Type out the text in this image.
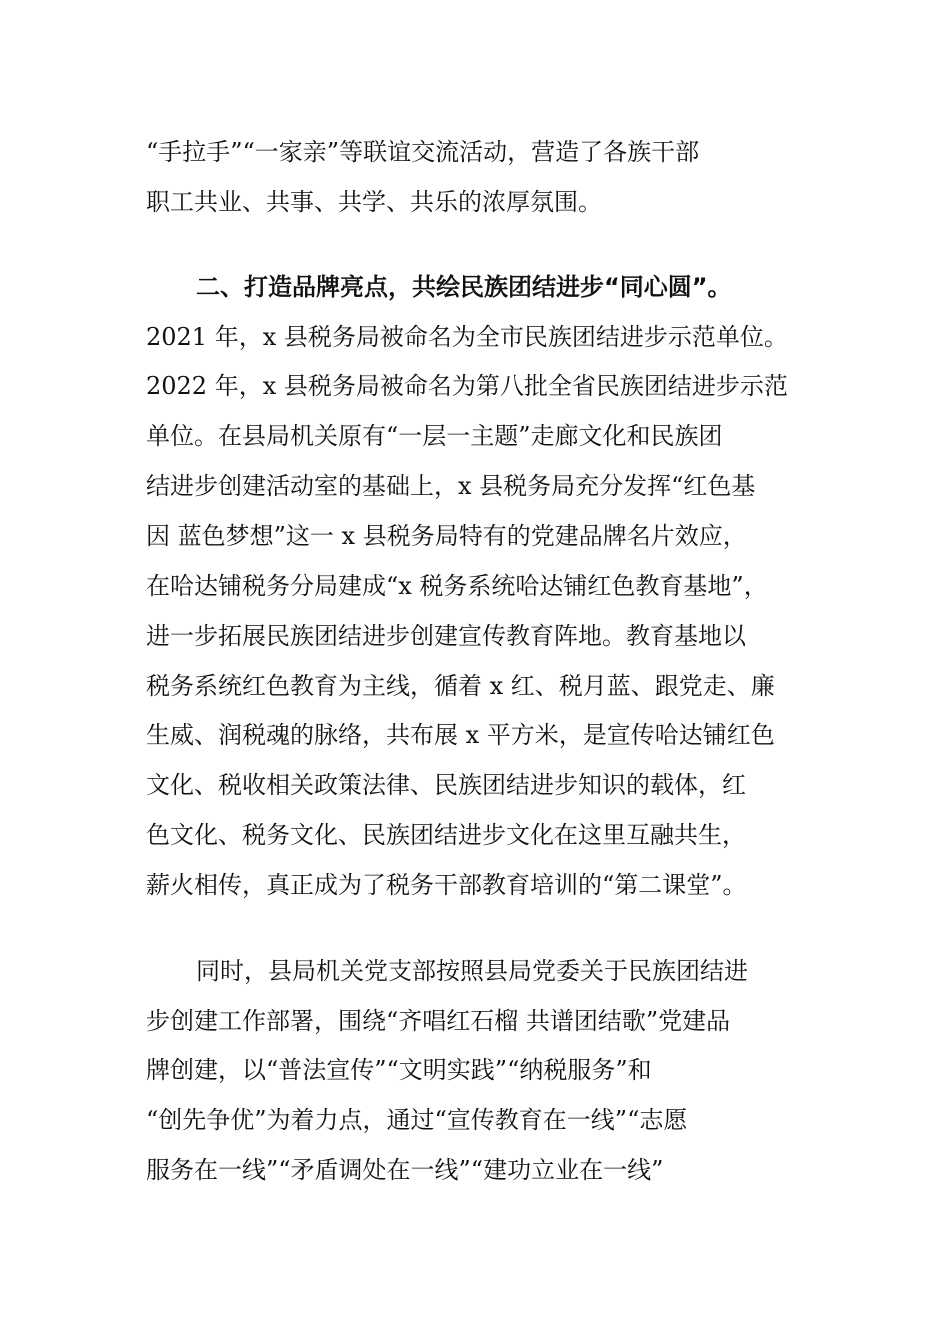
“手拉手”“一家亲”等联谊交流活动，营造了各族干部
职工共业、共事、共学、共乐的浓厚氛围。
二、打造品牌亮点，共绘民族团结进步“同心圆”。
2021 年，x 县税务局被命名为全市民族团结进步示范单位。
2022 年，x 县税务局被命名为第八批全省民族团结进步示范
单位。在县局机关原有“一层一主题”走廊文化和民族团
结进步创建活动室的基础上，x 县税务局充分发挥“红色基
因 蓝色梦想”这一 x 县税务局特有的党建品牌名片效应，
在哈达铺税务分局建成“x 税务系统哈达铺红色教育基地”，
进一步拓展民族团结进步创建宣传教育阵地。教育基地以
税务系统红色教育为主线，循着 x 红、税月蓝、跟党走、廉
生威、润税魂的脉络，共布展 x 平方米，是宣传哈达铺红色
文化、税收相关政策法律、民族团结进步知识的载体，红
色文化、税务文化、民族团结进步文化在这里互融共生，
薪火相传，真正成为了税务干部教育培训的“第二课堂”。
同时，县局机关党支部按照县局党委关于民族团结进
步创建工作部署，围绕“齐唱红石榴 共谱团结歌”党建品
牌创建，以“普法宣传”“文明实践”“纳税服务”和
“创先争优”为着力点，通过“宣传教育在一线”“志愿
服务在一线”“矛盾调处在一线”“建功立业在一线”
